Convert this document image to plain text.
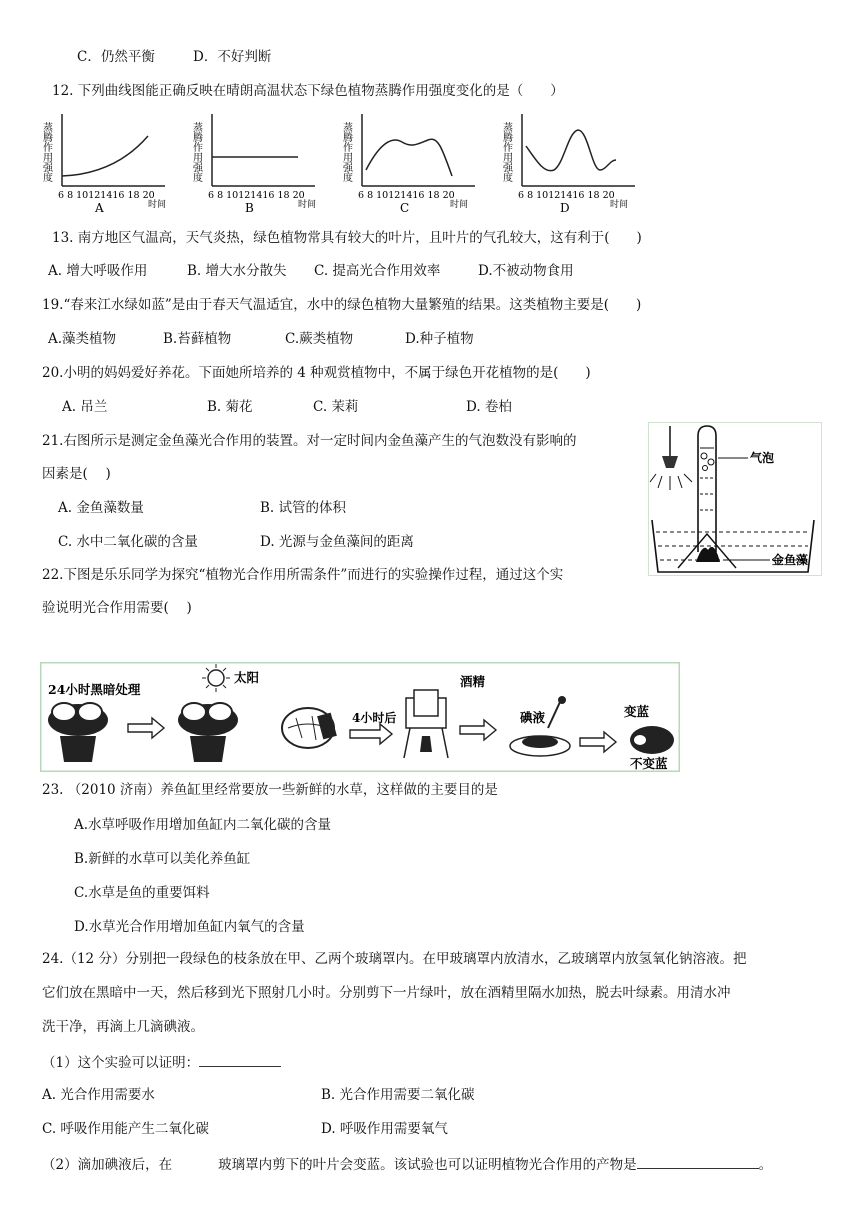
C．仍然平衡	D．不好判断
12. 下列曲线图能正确反映在晴朗高温状态下绿色植物蒸腾作用强度变化的是（　　）
蒸腾作用强度
6 8 10121416 18 20
时间
A
蒸腾作用强度
6 8 10121416 18 20
时间
B
蒸腾作用强度
6 8 10121416 18 20
时间
C
蒸腾作用强度
6 8 10121416 18 20
时间
D
13. 南方地区气温高，天气炎热，绿色植物常具有较大的叶片，且叶片的气孔较大，这有利于(　　)
A. 增大呼吸作用	B. 增大水分散失 C. 提高光合作用效率	D.不被动物食用
19.“春来江水绿如蓝”是由于春天气温适宜，水中的绿色植物大量繁殖的结果。这类植物主要是(　　)
A.藻类植物	B.苔藓植物	C.蕨类植物	D.种子植物
20.小明的妈妈爱好养花。下面她所培养的 4 种观赏植物中，不属于绿色开花植物的是(　　)
A. 吊兰	B. 菊花	C. 茉莉	D. 卷柏
21.右图所示是测定金鱼藻光合作用的装置。对一定时间内金鱼藻产生的气泡数没有影响的
因素是(　 )
A. 金鱼藻数量	B. 试管的体积
C. 水中二氧化碳的含量	D. 光源与金鱼藻间的距离
气泡
金鱼藻
22.下图是乐乐同学为探究“植物光合作用所需条件”而进行的实验操作过程，通过这个实
验说明光合作用需要(　 )
24小时黑暗处理
太阳
4小时后
酒精
碘液	变蓝
不变蓝
23. （2010 济南）养鱼缸里经常要放一些新鲜的水草，这样做的主要目的是
A.水草呼吸作用增加鱼缸内二氧化碳的含量
B.新鲜的水草可以美化养鱼缸
C.水草是鱼的重要饵料
D.水草光合作用增加鱼缸内氧气的含量
24.（12 分）分别把一段绿色的枝条放在甲、乙两个玻璃罩内。在甲玻璃罩内放清水，乙玻璃罩内放氢氧化钠溶液。把
它们放在黑暗中一天，然后移到光下照射几小时。分别剪下一片绿叶，放在酒精里隔水加热，脱去叶绿素。用清水冲
洗干净，再滴上几滴碘液。
（1）这个实验可以证明：
A. 光合作用需要水	B. 光合作用需要二氧化碳
C. 呼吸作用能产生二氧化碳	D. 呼吸作用需要氧气
（2）滴加碘液后，在	玻璃罩内剪下的叶片会变蓝。该试验也可以证明植物光合作用的产物是	。
